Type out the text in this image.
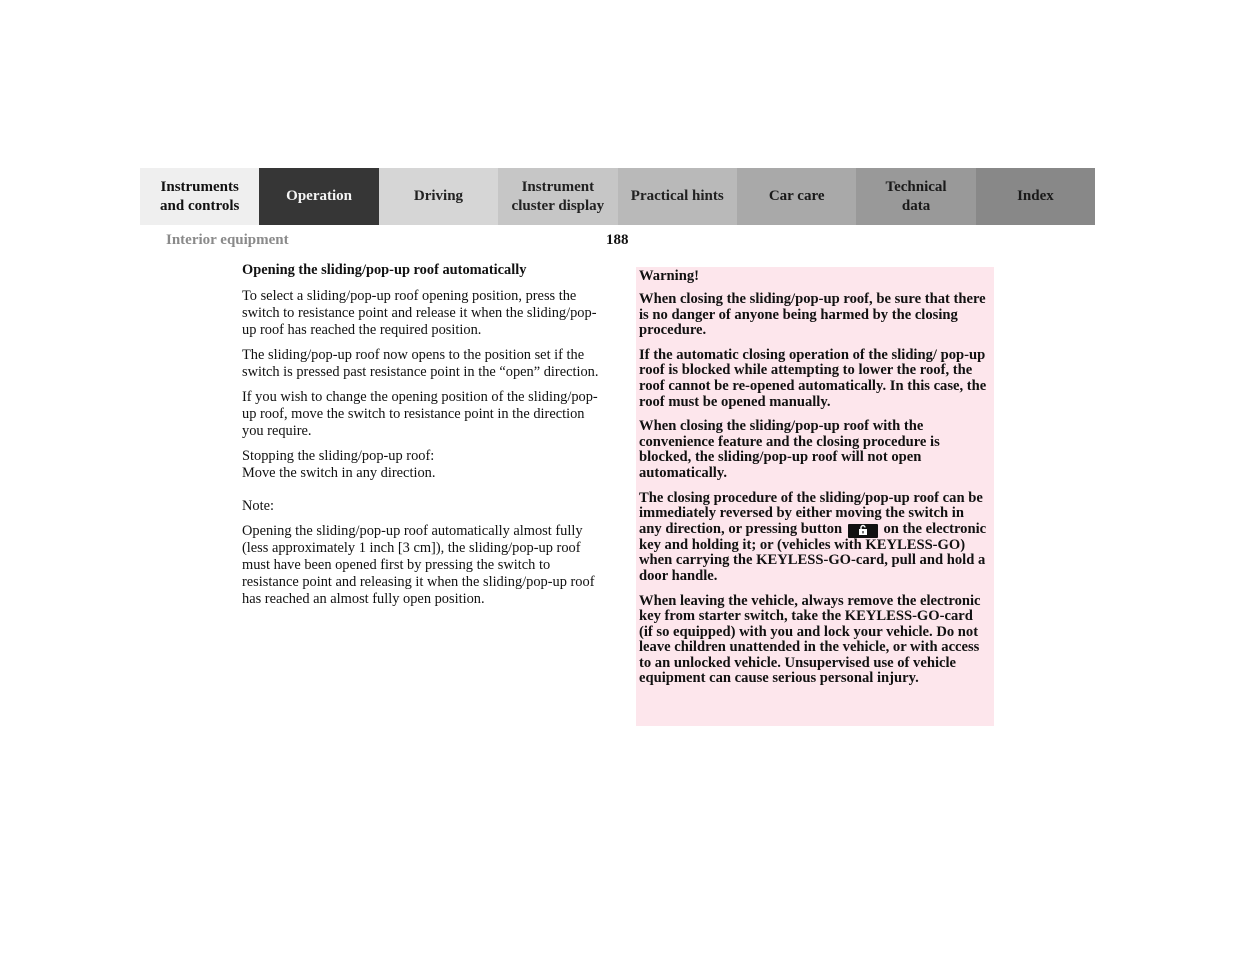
Instruments
and controls
Operation	Driving
Instrument
cluster display
Practical hints	Car care
Technical
data
Index
Interior equipment	188

Opening the sliding/pop-up roof automatically

To select a sliding/pop-up roof opening position, press the switch to resistance point and release it when the sliding/pop-up roof has reached the required position.

The sliding/pop-up roof now opens to the position set if the switch is pressed past resistance point in the “open” direction.

If you wish to change the opening position of the sliding/pop-up roof, move the switch to resistance point in the direction you require.

Stopping the sliding/pop-up roof:
Move the switch in any direction.

Note:

Opening the sliding/pop-up roof automatically almost fully (less approximately 1 inch [3 cm]), the sliding/pop-up roof must have been opened first by pressing the switch to resistance point and releasing it when the sliding/pop-up roof has reached an almost fully open position.

Warning!

When closing the sliding/pop-up roof, be sure that there is no danger of anyone being harmed by the closing procedure.

If the automatic closing operation of the sliding/ pop-up roof is blocked while attempting to lower the roof, the roof cannot be re-opened automatically. In this case, the roof must be opened manually.

When closing the sliding/pop-up roof with the convenience feature and the closing procedure is blocked, the sliding/pop-up roof will not open automatically.

The closing procedure of the sliding/pop-up roof can be immediately reversed by either moving the switch in any direction, or pressing button	on the electronic key and holding it; or (vehicles with KEYLESS-GO) when carrying the KEYLESS-GO-card, pull and hold a door handle.

When leaving the vehicle, always remove the electronic key from starter switch, take the KEYLESS-GO-card (if so equipped) with you and lock your vehicle. Do not leave children unattended in the vehicle, or with access to an unlocked vehicle. Unsupervised use of vehicle equipment can cause serious personal injury.
